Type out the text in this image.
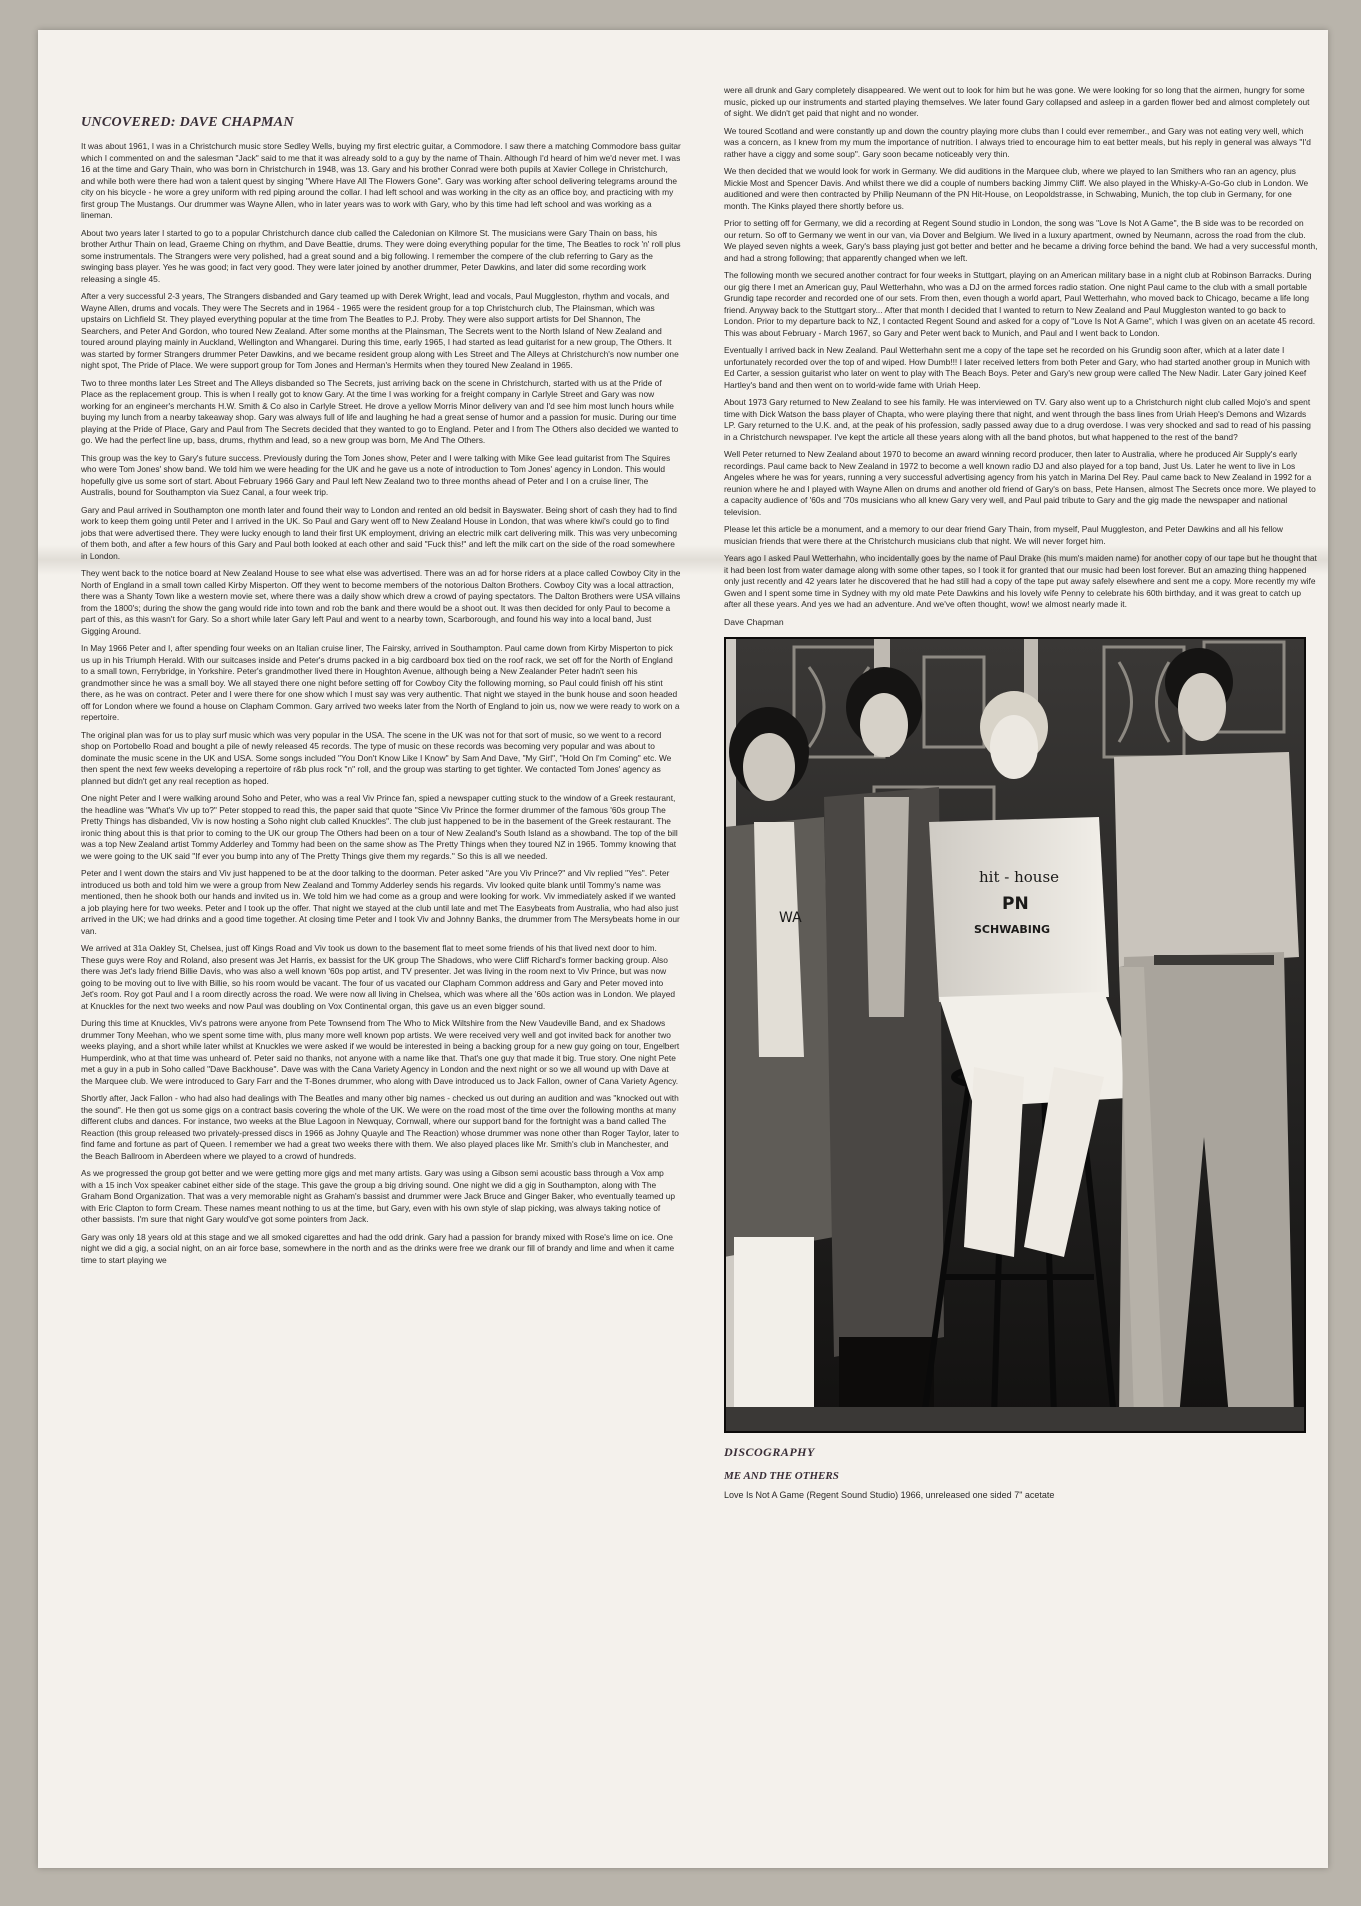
UNCOVERED: DAVE CHAPMAN

It was about 1961, I was in a Christchurch music store Sedley Wells, buying my first electric guitar, a Commodore. I saw there a matching Commodore bass guitar which I commented on and the salesman "Jack" said to me that it was already sold to a guy by the name of Thain. Although I'd heard of him we'd never met. I was 16 at the time and Gary Thain, who was born in Christchurch in 1948, was 13. Gary and his brother Conrad were both pupils at Xavier College in Christchurch, and while both were there had won a talent quest by singing "Where Have All The Flowers Gone". Gary was working after school delivering telegrams around the city on his bicycle - he wore a grey uniform with red piping around the collar. I had left school and was working in the city as an office boy, and practicing with my first group The Mustangs. Our drummer was Wayne Allen, who in later years was to work with Gary, who by this time had left school and was working as a lineman.

About two years later I started to go to a popular Christchurch dance club called the Caledonian on Kilmore St. The musicians were Gary Thain on bass, his brother Arthur Thain on lead, Graeme Ching on rhythm, and Dave Beattie, drums. They were doing everything popular for the time, The Beatles to rock 'n' roll plus some instrumentals. The Strangers were very polished, had a great sound and a big following. I remember the compere of the club referring to Gary as the swinging bass player. Yes he was good; in fact very good. They were later joined by another drummer, Peter Dawkins, and later did some recording work releasing a single 45.

After a very successful 2-3 years, The Strangers disbanded and Gary teamed up with Derek Wright, lead and vocals, Paul Muggleston, rhythm and vocals, and Wayne Allen, drums and vocals. They were The Secrets and in 1964 - 1965 were the resident group for a top Christchurch club, The Plainsman, which was upstairs on Lichfield St. They played everything popular at the time from The Beatles to P.J. Proby. They were also support artists for Del Shannon, The Searchers, and Peter And Gordon, who toured New Zealand. After some months at the Plainsman, The Secrets went to the North Island of New Zealand and toured around playing mainly in Auckland, Wellington and Whangarei. During this time, early 1965, I had started as lead guitarist for a new group, The Others. It was started by former Strangers drummer Peter Dawkins, and we became resident group along with Les Street and The Alleys at Christchurch's now number one night spot, The Pride of Place. We were support group for Tom Jones and Herman's Hermits when they toured New Zealand in 1965.

Two to three months later Les Street and The Alleys disbanded so The Secrets, just arriving back on the scene in Christchurch, started with us at the Pride of Place as the replacement group. This is when I really got to know Gary. At the time I was working for a freight company in Carlyle Street and Gary was now working for an engineer's merchants H.W. Smith & Co also in Carlyle Street. He drove a yellow Morris Minor delivery van and I'd see him most lunch hours while buying my lunch from a nearby takeaway shop. Gary was always full of life and laughing he had a great sense of humor and a passion for music. During our time playing at the Pride of Place, Gary and Paul from The Secrets decided that they wanted to go to England. Peter and I from The Others also decided we wanted to go. We had the perfect line up, bass, drums, rhythm and lead, so a new group was born, Me And The Others.

This group was the key to Gary's future success. Previously during the Tom Jones show, Peter and I were talking with Mike Gee lead guitarist from The Squires who were Tom Jones' show band. We told him we were heading for the UK and he gave us a note of introduction to Tom Jones' agency in London. This would hopefully give us some sort of start. About February 1966 Gary and Paul left New Zealand two to three months ahead of Peter and I on a cruise liner, The Australis, bound for Southampton via Suez Canal, a four week trip.

Gary and Paul arrived in Southampton one month later and found their way to London and rented an old bedsit in Bayswater. Being short of cash they had to find work to keep them going until Peter and I arrived in the UK. So Paul and Gary went off to New Zealand House in London, that was where kiwi's could go to find jobs that were advertised there. They were lucky enough to land their first UK employment, driving an electric milk cart delivering milk. This was very unbecoming of them both, and after a few hours of this Gary and Paul both looked at each other and said "Fuck this!" and left the milk cart on the side of the road somewhere in London.

They went back to the notice board at New Zealand House to see what else was advertised. There was an ad for horse riders at a place called Cowboy City in the North of England in a small town called Kirby Misperton. Off they went to become members of the notorious Dalton Brothers. Cowboy City was a local attraction, there was a Shanty Town like a western movie set, where there was a daily show which drew a crowd of paying spectators. The Dalton Brothers were USA villains from the 1800's; during the show the gang would ride into town and rob the bank and there would be a shoot out. It was then decided for only Paul to become a part of this, as this wasn't for Gary. So a short while later Gary left Paul and went to a nearby town, Scarborough, and found his way into a local band, Just Gigging Around.

In May 1966 Peter and I, after spending four weeks on an Italian cruise liner, The Fairsky, arrived in Southampton. Paul came down from Kirby Misperton to pick us up in his Triumph Herald. With our suitcases inside and Peter's drums packed in a big cardboard box tied on the roof rack, we set off for the North of England to a small town, Ferrybridge, in Yorkshire. Peter's grandmother lived there in Houghton Avenue, although being a New Zealander Peter hadn't seen his grandmother since he was a small boy. We all stayed there one night before setting off for Cowboy City the following morning, so Paul could finish off his stint there, as he was on contract. Peter and I were there for one show which I must say was very authentic. That night we stayed in the bunk house and soon headed off for London where we found a house on Clapham Common. Gary arrived two weeks later from the North of England to join us, now we were ready to work on a repertoire.

The original plan was for us to play surf music which was very popular in the USA. The scene in the UK was not for that sort of music, so we went to a record shop on Portobello Road and bought a pile of newly released 45 records. The type of music on these records was becoming very popular and was about to dominate the music scene in the UK and USA. Some songs included "You Don't Know Like I Know" by Sam And Dave, "My Girl", "Hold On I'm Coming" etc. We then spent the next few weeks developing a repertoire of r&b plus rock "n" roll, and the group was starting to get tighter. We contacted Tom Jones' agency as planned but didn't get any real reception as hoped.

One night Peter and I were walking around Soho and Peter, who was a real Viv Prince fan, spied a newspaper cutting stuck to the window of a Greek restaurant, the headline was "What's Viv up to?" Peter stopped to read this, the paper said that quote "Since Viv Prince the former drummer of the famous '60s group The Pretty Things has disbanded, Viv is now hosting a Soho night club called Knuckles". The club just happened to be in the basement of the Greek restaurant. The ironic thing about this is that prior to coming to the UK our group The Others had been on a tour of New Zealand's South Island as a showband. The top of the bill was a top New Zealand artist Tommy Adderley and Tommy had been on the same show as The Pretty Things when they toured NZ in 1965. Tommy knowing that we were going to the UK said "If ever you bump into any of The Pretty Things give them my regards." So this is all we needed.

Peter and I went down the stairs and Viv just happened to be at the door talking to the doorman. Peter asked "Are you Viv Prince?" and Viv replied "Yes". Peter introduced us both and told him we were a group from New Zealand and Tommy Adderley sends his regards. Viv looked quite blank until Tommy's name was mentioned, then he shook both our hands and invited us in. We told him we had come as a group and were looking for work. Viv immediately asked if we wanted a job playing here for two weeks. Peter and I took up the offer. That night we stayed at the club until late and met The Easybeats from Australia, who had also just arrived in the UK; we had drinks and a good time together. At closing time Peter and I took Viv and Johnny Banks, the drummer from The Mersybeats home in our van.

We arrived at 31a Oakley St, Chelsea, just off Kings Road and Viv took us down to the basement flat to meet some friends of his that lived next door to him. These guys were Roy and Roland, also present was Jet Harris, ex bassist for the UK group The Shadows, who were Cliff Richard's former backing group. Also there was Jet's lady friend Billie Davis, who was also a well known '60s pop artist, and TV presenter. Jet was living in the room next to Viv Prince, but was now going to be moving out to live with Billie, so his room would be vacant. The four of us vacated our Clapham Common address and Gary and Peter moved into Jet's room. Roy got Paul and I a room directly across the road. We were now all living in Chelsea, which was where all the '60s action was in London. We played at Knuckles for the next two weeks and now Paul was doubling on Vox Continental organ, this gave us an even bigger sound.

During this time at Knuckles, Viv's patrons were anyone from Pete Townsend from The Who to Mick Wiltshire from the New Vaudeville Band, and ex Shadows drummer Tony Meehan, who we spent some time with, plus many more well known pop artists. We were received very well and got invited back for another two weeks playing, and a short while later whilst at Knuckles we were asked if we would be interested in being a backing group for a new guy going on tour, Engelbert Humperdink, who at that time was unheard of. Peter said no thanks, not anyone with a name like that. That's one guy that made it big. True story. One night Pete met a guy in a pub in Soho called "Dave Backhouse". Dave was with the Cana Variety Agency in London and the next night or so we all wound up with Dave at the Marquee club. We were introduced to Gary Farr and the T-Bones drummer, who along with Dave introduced us to Jack Fallon, owner of Cana Variety Agency.

Shortly after, Jack Fallon - who had also had dealings with The Beatles and many other big names - checked us out during an audition and was "knocked out with the sound". He then got us some gigs on a contract basis covering the whole of the UK. We were on the road most of the time over the following months at many different clubs and dances. For instance, two weeks at the Blue Lagoon in Newquay, Cornwall, where our support band for the fortnight was a band called The Reaction (this group released two privately-pressed discs in 1966 as Johny Quayle and The Reaction) whose drummer was none other than Roger Taylor, later to find fame and fortune as part of Queen. I remember we had a great two weeks there with them. We also played places like Mr. Smith's club in Manchester, and the Beach Ballroom in Aberdeen where we played to a crowd of hundreds.

As we progressed the group got better and we were getting more gigs and met many artists. Gary was using a Gibson semi acoustic bass through a Vox amp with a 15 inch Vox speaker cabinet either side of the stage. This gave the group a big driving sound. One night we did a gig in Southampton, along with The Graham Bond Organization. That was a very memorable night as Graham's bassist and drummer were Jack Bruce and Ginger Baker, who eventually teamed up with Eric Clapton to form Cream. These names meant nothing to us at the time, but Gary, even with his own style of slap picking, was always taking notice of other bassists. I'm sure that night Gary would've got some pointers from Jack.

Gary was only 18 years old at this stage and we all smoked cigarettes and had the odd drink. Gary had a passion for brandy mixed with Rose's lime on ice. One night we did a gig, a social night, on an air force base, somewhere in the north and as the drinks were free we drank our fill of brandy and lime and when it came time to start playing we

were all drunk and Gary completely disappeared. We went out to look for him but he was gone. We were looking for so long that the airmen, hungry for some music, picked up our instruments and started playing themselves. We later found Gary collapsed and asleep in a garden flower bed and almost completely out of sight. We didn't get paid that night and no wonder.

We toured Scotland and were constantly up and down the country playing more clubs than I could ever remember., and Gary was not eating very well, which was a concern, as I knew from my mum the importance of nutrition. I always tried to encourage him to eat better meals, but his reply in general was always "I'd rather have a ciggy and some soup". Gary soon became noticeably very thin.

We then decided that we would look for work in Germany. We did auditions in the Marquee club, where we played to Ian Smithers who ran an agency, plus Mickie Most and Spencer Davis. And whilst there we did a couple of numbers backing Jimmy Cliff. We also played in the Whisky-A-Go-Go club in London. We auditioned and were then contracted by Philip Neumann of the PN Hit-House, on Leopoldstrasse, in Schwabing, Munich, the top club in Germany, for one month. The Kinks played there shortly before us.

Prior to setting off for Germany, we did a recording at Regent Sound studio in London, the song was "Love Is Not A Game", the B side was to be recorded on our return. So off to Germany we went in our van, via Dover and Belgium. We lived in a luxury apartment, owned by Neumann, across the road from the club. We played seven nights a week, Gary's bass playing just got better and better and he became a driving force behind the band. We had a very successful month, and had a strong following; that apparently changed when we left.

The following month we secured another contract for four weeks in Stuttgart, playing on an American military base in a night club at Robinson Barracks. During our gig there I met an American guy, Paul Wetterhahn, who was a DJ on the armed forces radio station. One night Paul came to the club with a small portable Grundig tape recorder and recorded one of our sets. From then, even though a world apart, Paul Wetterhahn, who moved back to Chicago, became a life long friend. Anyway back to the Stuttgart story... After that month I decided that I wanted to return to New Zealand and Paul Muggleston wanted to go back to London. Prior to my departure back to NZ, I contacted Regent Sound and asked for a copy of "Love Is Not A Game", which I was given on an acetate 45 record. This was about February - March 1967, so Gary and Peter went back to Munich, and Paul and I went back to London.

Eventually I arrived back in New Zealand. Paul Wetterhahn sent me a copy of the tape set he recorded on his Grundig soon after, which at a later date I unfortunately recorded over the top of and wiped. How Dumb!!! I later received letters from both Peter and Gary, who had started another group in Munich with Ed Carter, a session guitarist who later on went to play with The Beach Boys. Peter and Gary's new group were called The New Nadir. Later Gary joined Keef Hartley's band and then went on to world-wide fame with Uriah Heep.

About 1973 Gary returned to New Zealand to see his family. He was interviewed on TV. Gary also went up to a Christchurch night club called Mojo's and spent time with Dick Watson the bass player of Chapta, who were playing there that night, and went through the bass lines from Uriah Heep's Demons and Wizards LP. Gary returned to the U.K. and, at the peak of his profession, sadly passed away due to a drug overdose. I was very shocked and sad to read of his passing in a Christchurch newspaper. I've kept the article all these years along with all the band photos, but what happened to the rest of the band?

Well Peter returned to New Zealand about 1970 to become an award winning record producer, then later to Australia, where he produced Air Supply's early recordings. Paul came back to New Zealand in 1972 to become a well known radio DJ and also played for a top band, Just Us. Later he went to live in Los Angeles where he was for years, running a very successful advertising agency from his yatch in Marina Del Rey. Paul came back to New Zealand in 1992 for a reunion where he and I played with Wayne Allen on drums and another old friend of Gary's on bass, Pete Hansen, almost The Secrets once more. We played to a capacity audience of '60s and '70s musicians who all knew Gary very well, and Paul paid tribute to Gary and the gig made the newspaper and national television.

Please let this article be a monument, and a memory to our dear friend Gary Thain, from myself, Paul Muggleston, and Peter Dawkins and all his fellow musician friends that were there at the Christchurch musicians club that night. We will never forget him.

Years ago I asked Paul Wetterhahn, who incidentally goes by the name of Paul Drake (his mum's maiden name) for another copy of our tape but he thought that it had been lost from water damage along with some other tapes, so I took it for granted that our music had been lost forever. But an amazing thing happened only just recently and 42 years later he discovered that he had still had a copy of the tape put away safely elsewhere and sent me a copy. More recently my wife Gwen and I spent some time in Sydney with my old mate Pete Dawkins and his lovely wife Penny to celebrate his 60th birthday, and it was great to catch up after all these years. And yes we had an adventure. And we've often thought, wow! we almost nearly made it.

Dave Chapman
WA
hit - house
PN
SCHWABING
DISCOGRAPHY
ME AND THE OTHERS
Love Is Not A Game (Regent Sound Studio) 1966, unreleased one sided 7" acetate
